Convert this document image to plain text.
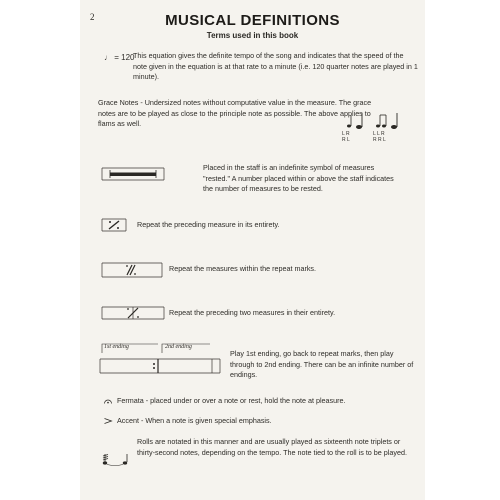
2	MUSICAL DEFINITIONS
Terms used in this book
♩ = 120
This equation gives the definite tempo of the song and indicates that the speed of the note given in the equation is at that rate to a minute (i.e. 120 quarter notes are played in 1 minute).
Grace Notes - Undersized notes without computative value in the measure. The grace notes are to be played as close to the principle note as possible. The above applies to flams as well.
L R
R L
L L R
R R L
Placed in the staff is an indefinite symbol of measures "rested." A number placed within or above the staff indicates the number of measures to be rested.
Repeat the preceding measure in its entirety.
Repeat the measures within the repeat marks.
Repeat the preceding two measures in their entirety.
1st ending	2nd ending
Play 1st ending, go back to repeat marks, then play through to 2nd ending. There can be an infinite number of endings.
Fermata - placed under or over a note or rest, hold the note at pleasure.
Accent - When a note is given special emphasis.
Rolls are notated in this manner and are usually played as sixteenth note triplets or thirty-second notes, depending on the tempo. The note tied to the roll is to be played.
